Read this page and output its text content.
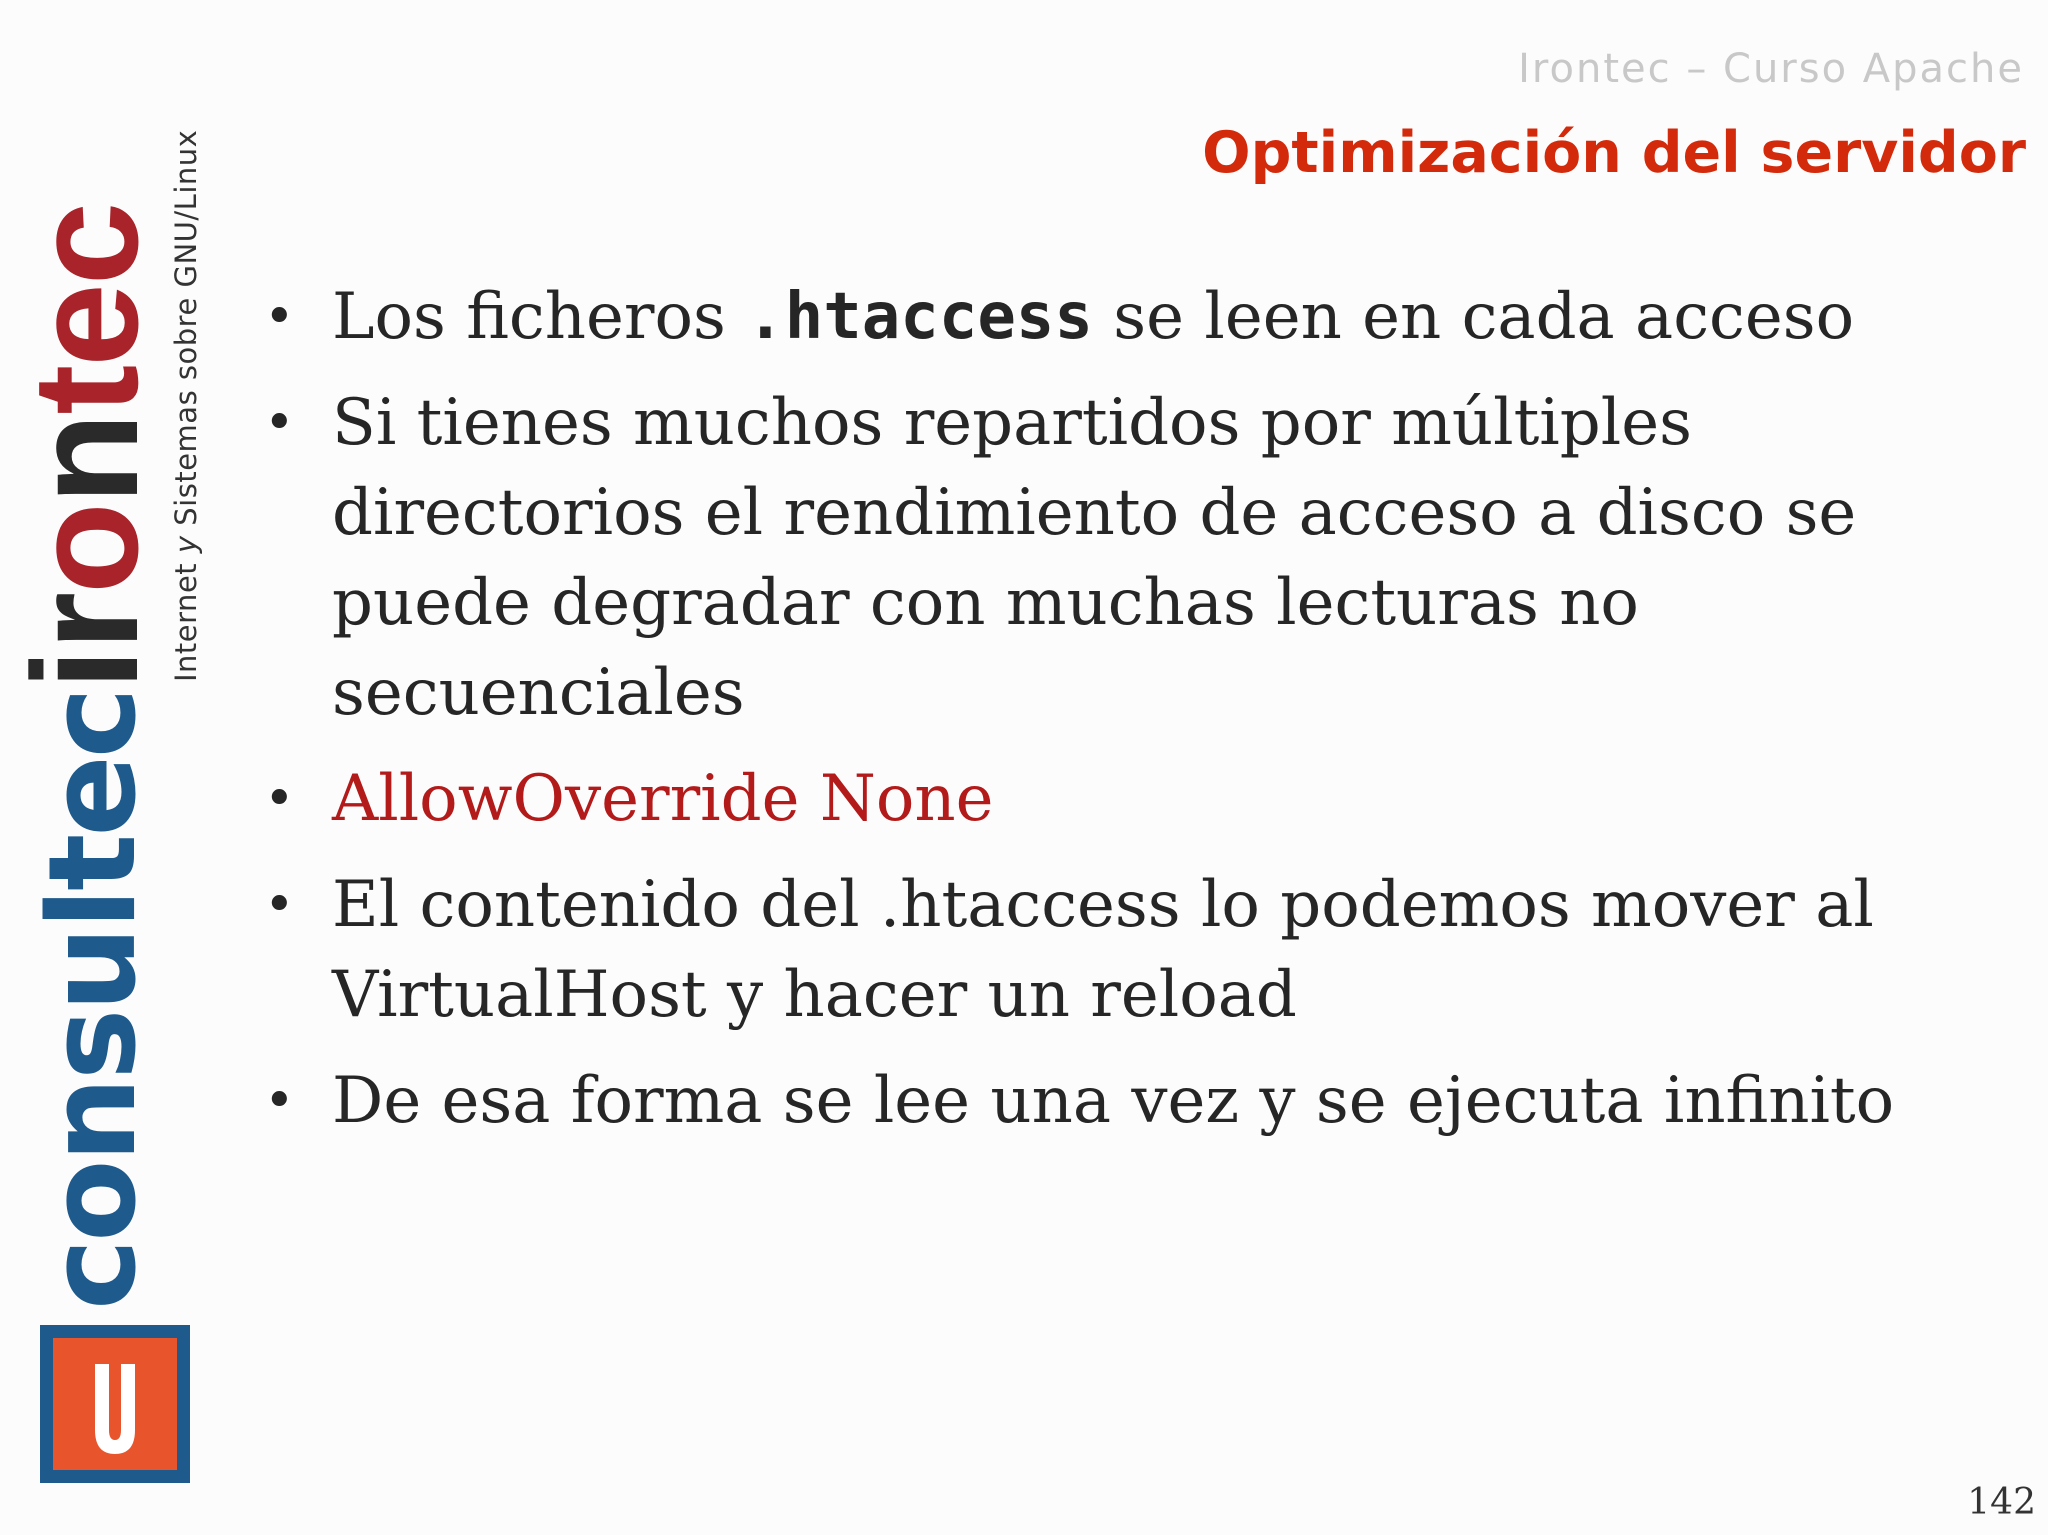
irontec
Internet y Sistemas sobre GNU/Linux
consultec
Irontec – Curso Apache
Optimización del servidor
• Los ficheros .htaccess se leen en cada acceso
• Si tienes muchos repartidos por múltiples directorios el rendimiento de acceso a disco se puede degradar con muchas lecturas no secuenciales
• AllowOverride None
• El contenido del .htaccess lo podemos mover al VirtualHost y hacer un reload
• De esa forma se lee una vez y se ejecuta infinito
142
